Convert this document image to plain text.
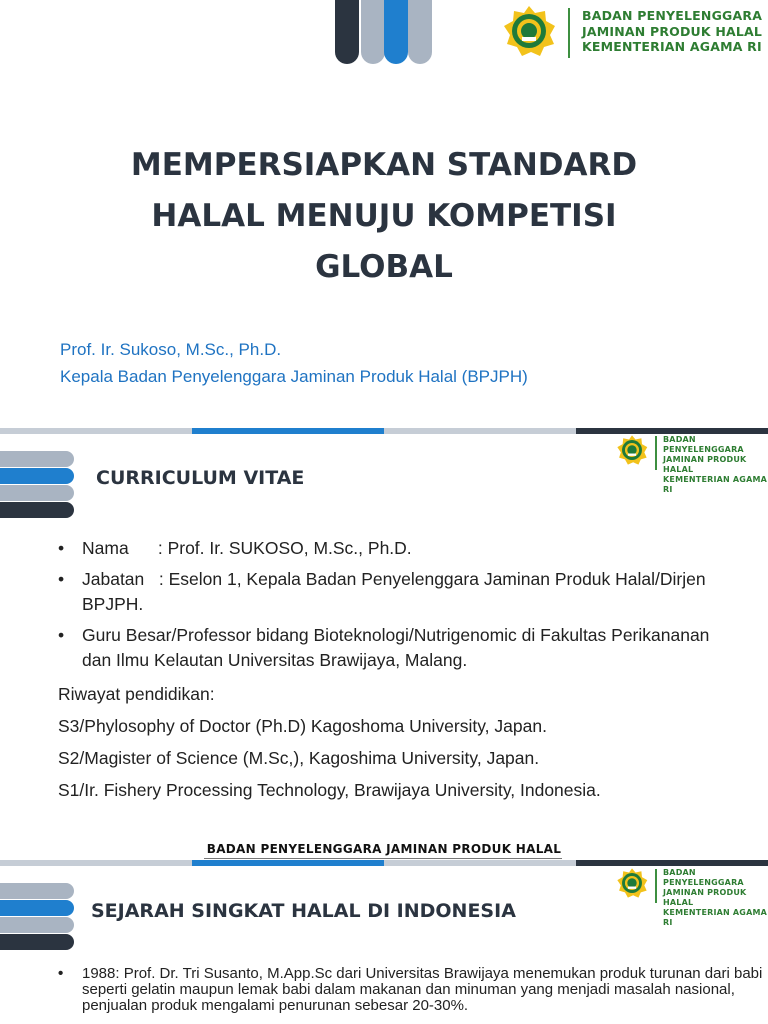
BADAN PENYELENGGARA
JAMINAN PRODUK HALAL
KEMENTERIAN AGAMA RI
MEMPERSIAPKAN STANDARD
HALAL MENUJU KOMPETISI
GLOBAL
Prof. Ir. Sukoso, M.Sc., Ph.D.
Kepala Badan Penyelenggara Jaminan Produk Halal (BPJPH)
BADAN PENYELENGGARA
JAMINAN PRODUK HALAL
KEMENTERIAN AGAMA RI
CURRICULUM VITAE
• Nama      : Prof. Ir. SUKOSO, M.Sc., Ph.D.
• Jabatan   : Eselon 1, Kepala Badan Penyelenggara Jaminan Produk Halal/Dirjen BPJPH.
• Guru Besar/Professor bidang Bioteknologi/Nutrigenomic di Fakultas Perikananan dan Ilmu Kelautan Universitas Brawijaya, Malang.
Riwayat pendidikan:
S3/Phylosophy of Doctor (Ph.D) Kagoshoma University, Japan.
S2/Magister of Science (M.Sc,), Kagoshima University, Japan.
S1/Ir. Fishery Processing Technology, Brawijaya University, Indonesia.
BADAN PENYELENGGARA JAMINAN PRODUK HALAL
BADAN PENYELENGGARA
JAMINAN PRODUK HALAL
KEMENTERIAN AGAMA RI
SEJARAH SINGKAT HALAL DI INDONESIA

• 1988: Prof. Dr. Tri Susanto, M.App.Sc dari Universitas Brawijaya menemukan produk turunan dari babi seperti gelatin maupun lemak babi dalam makanan dan minuman yang menjadi masalah nasional, penjualan produk mengalami penurunan sebesar 20-30%.
